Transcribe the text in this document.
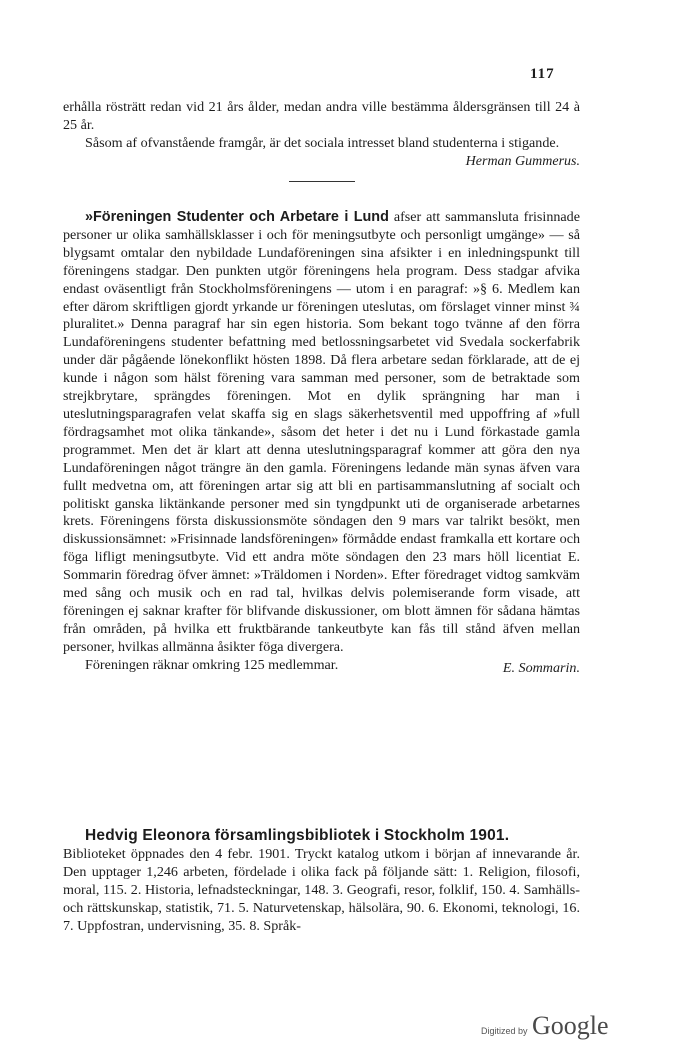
117

erhålla rösträtt redan vid 21 års ålder, medan andra ville bestämma åldersgränsen till 24 à 25 år.

Såsom af ofvanstående framgår, är det sociala intresset bland studenterna i stigande.

Herman Gummerus.

»Föreningen Studenter och Arbetare i Lund afser att sammansluta frisinnade personer ur olika samhällsklasser i och för meningsutbyte och personligt umgänge» — så blygsamt omtalar den nybildade Lundaföreningen sina afsikter i en inledningspunkt till föreningens stadgar. Den punkten utgör föreningens hela program. Dess stadgar afvika endast oväsentligt från Stockholmsföreningens — utom i en paragraf: »§ 6. Medlem kan efter därom skriftligen gjordt yrkande ur föreningen uteslutas, om förslaget vinner minst ¾ pluralitet.» Denna paragraf har sin egen historia. Som bekant togo tvänne af den förra Lundaföreningens studenter befattning med betlossningsarbetet vid Svedala sockerfabrik under där pågående lönekonflikt hösten 1898. Då flera arbetare sedan förklarade, att de ej kunde i någon som hälst förening vara samman med personer, som de betraktade som strejkbrytare, sprängdes föreningen. Mot en dylik sprängning har man i uteslutningsparagrafen velat skaffa sig en slags säkerhetsventil med uppoffring af »full fördragsamhet mot olika tänkande», såsom det heter i det nu i Lund förkastade gamla programmet. Men det är klart att denna uteslutningsparagraf kommer att göra den nya Lundaföreningen något trängre än den gamla. Föreningens ledande män synas äfven vara fullt medvetna om, att föreningen artar sig att bli en partisammanslutning af socialt och politiskt ganska liktänkande personer med sin tyngdpunkt uti de organiserade arbetarnes krets. Föreningens första diskussionsmöte söndagen den 9 mars var talrikt besökt, men diskussionsämnet: »Frisinnade landsföreningen» förmådde endast framkalla ett kortare och föga lifligt meningsutbyte. Vid ett andra möte söndagen den 23 mars höll licentiat E. Sommarin föredrag öfver ämnet: »Träldomen i Norden». Efter föredraget vidtog samkväm med sång och musik och en rad tal, hvilkas delvis polemiserande form visade, att föreningen ej saknar krafter för blifvande diskussioner, om blott ämnen för sådana hämtas från områden, på hvilka ett fruktbärande tankeutbyte kan fås till stånd äfven mellan personer, hvilkas allmänna åsikter föga divergera.

Föreningen räknar omkring 125 medlemmar.	E. Sommarin.

Hedvig Eleonora församlingsbibliotek i Stockholm 1901.

Biblioteket öppnades den 4 febr. 1901. Tryckt katalog utkom i början af innevarande år. Den upptager 1,246 arbeten, fördelade i olika fack på följande sätt: 1. Religion, filosofi, moral, 115. 2. Historia, lefnadsteckningar, 148. 3. Geografi, resor, folklif, 150. 4. Samhälls- och rättskunskap, statistik, 71. 5. Naturvetenskap, hälsolära, 90. 6. Ekonomi, teknologi, 16. 7. Uppfostran, undervisning, 35. 8. Språk-

Digitized by Google
